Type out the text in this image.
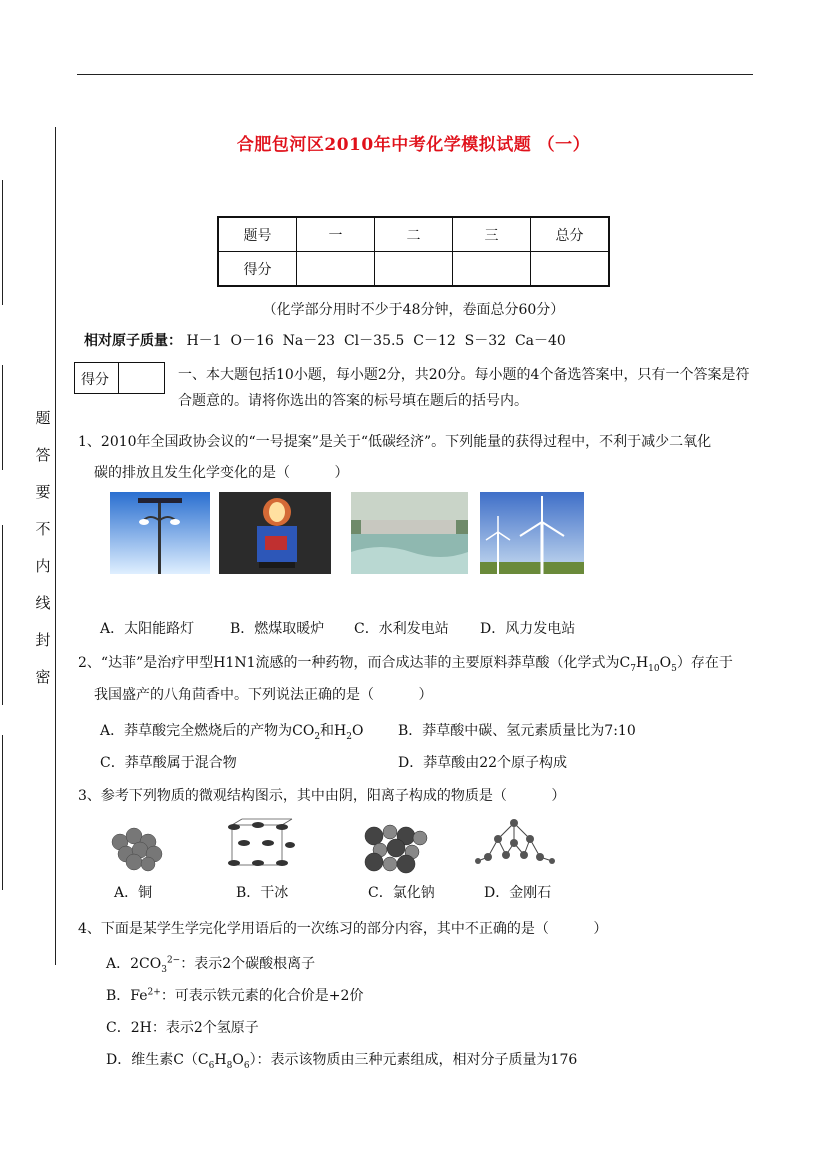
题
答
要
不
内
线
封
密
合肥包河区2010年中考化学模拟试题 （一）
题号	一	二	三	总分
得分				
（化学部分用时不少于48分钟，卷面总分60分）
相对原子质量： H－1  O－16  Na－23  Cl－35.5  C－12  S－32  Ca－40
得分	一、本大题包括10小题，每小题2分，共20分。每小题的4个备选答案中，只有一个答案是符合题意的。请将你选出的答案的标号填在题后的括号内。
1、2010年全国政协会议的“一号提案”是关于“低碳经济”。下列能量的获得过程中，不利于减少二氧化
碳的排放且发生化学变化的是（          ）
A．太阳能路灯	B．燃煤取暖炉 C．水利发电站 D．风力发电站
2、“达菲”是治疗甲型H1N1流感的一种药物，而合成达菲的主要原料莽草酸（化学式为$C_7H_{10}O_5$）存在于
我国盛产的八角茴香中。下列说法正确的是（          ）
A．莽草酸完全燃烧后的产物为$CO_2$和$H_2O$ B．莽草酸中碳、氢元素质量比为7:10
C．莽草酸属于混合物	D．莽草酸由22个原子构成
3、参考下列物质的微观结构图示，其中由阴，阳离子构成的物质是（          ）
A．铜	B．干冰	C．氯化钠	D．金刚石
4、下面是某学生学完化学用语后的一次练习的部分内容，其中不正确的是（          ）
A．$2CO_3^{2-}$：表示2个碳酸根离子
B．$Fe^{2+}$：可表示铁元素的化合价是+2价
C．2H：表示2个氢原子
D．维生素$C(C_6H_8O_6)$：表示该物质由三种元素组成，相对分子质量为176
